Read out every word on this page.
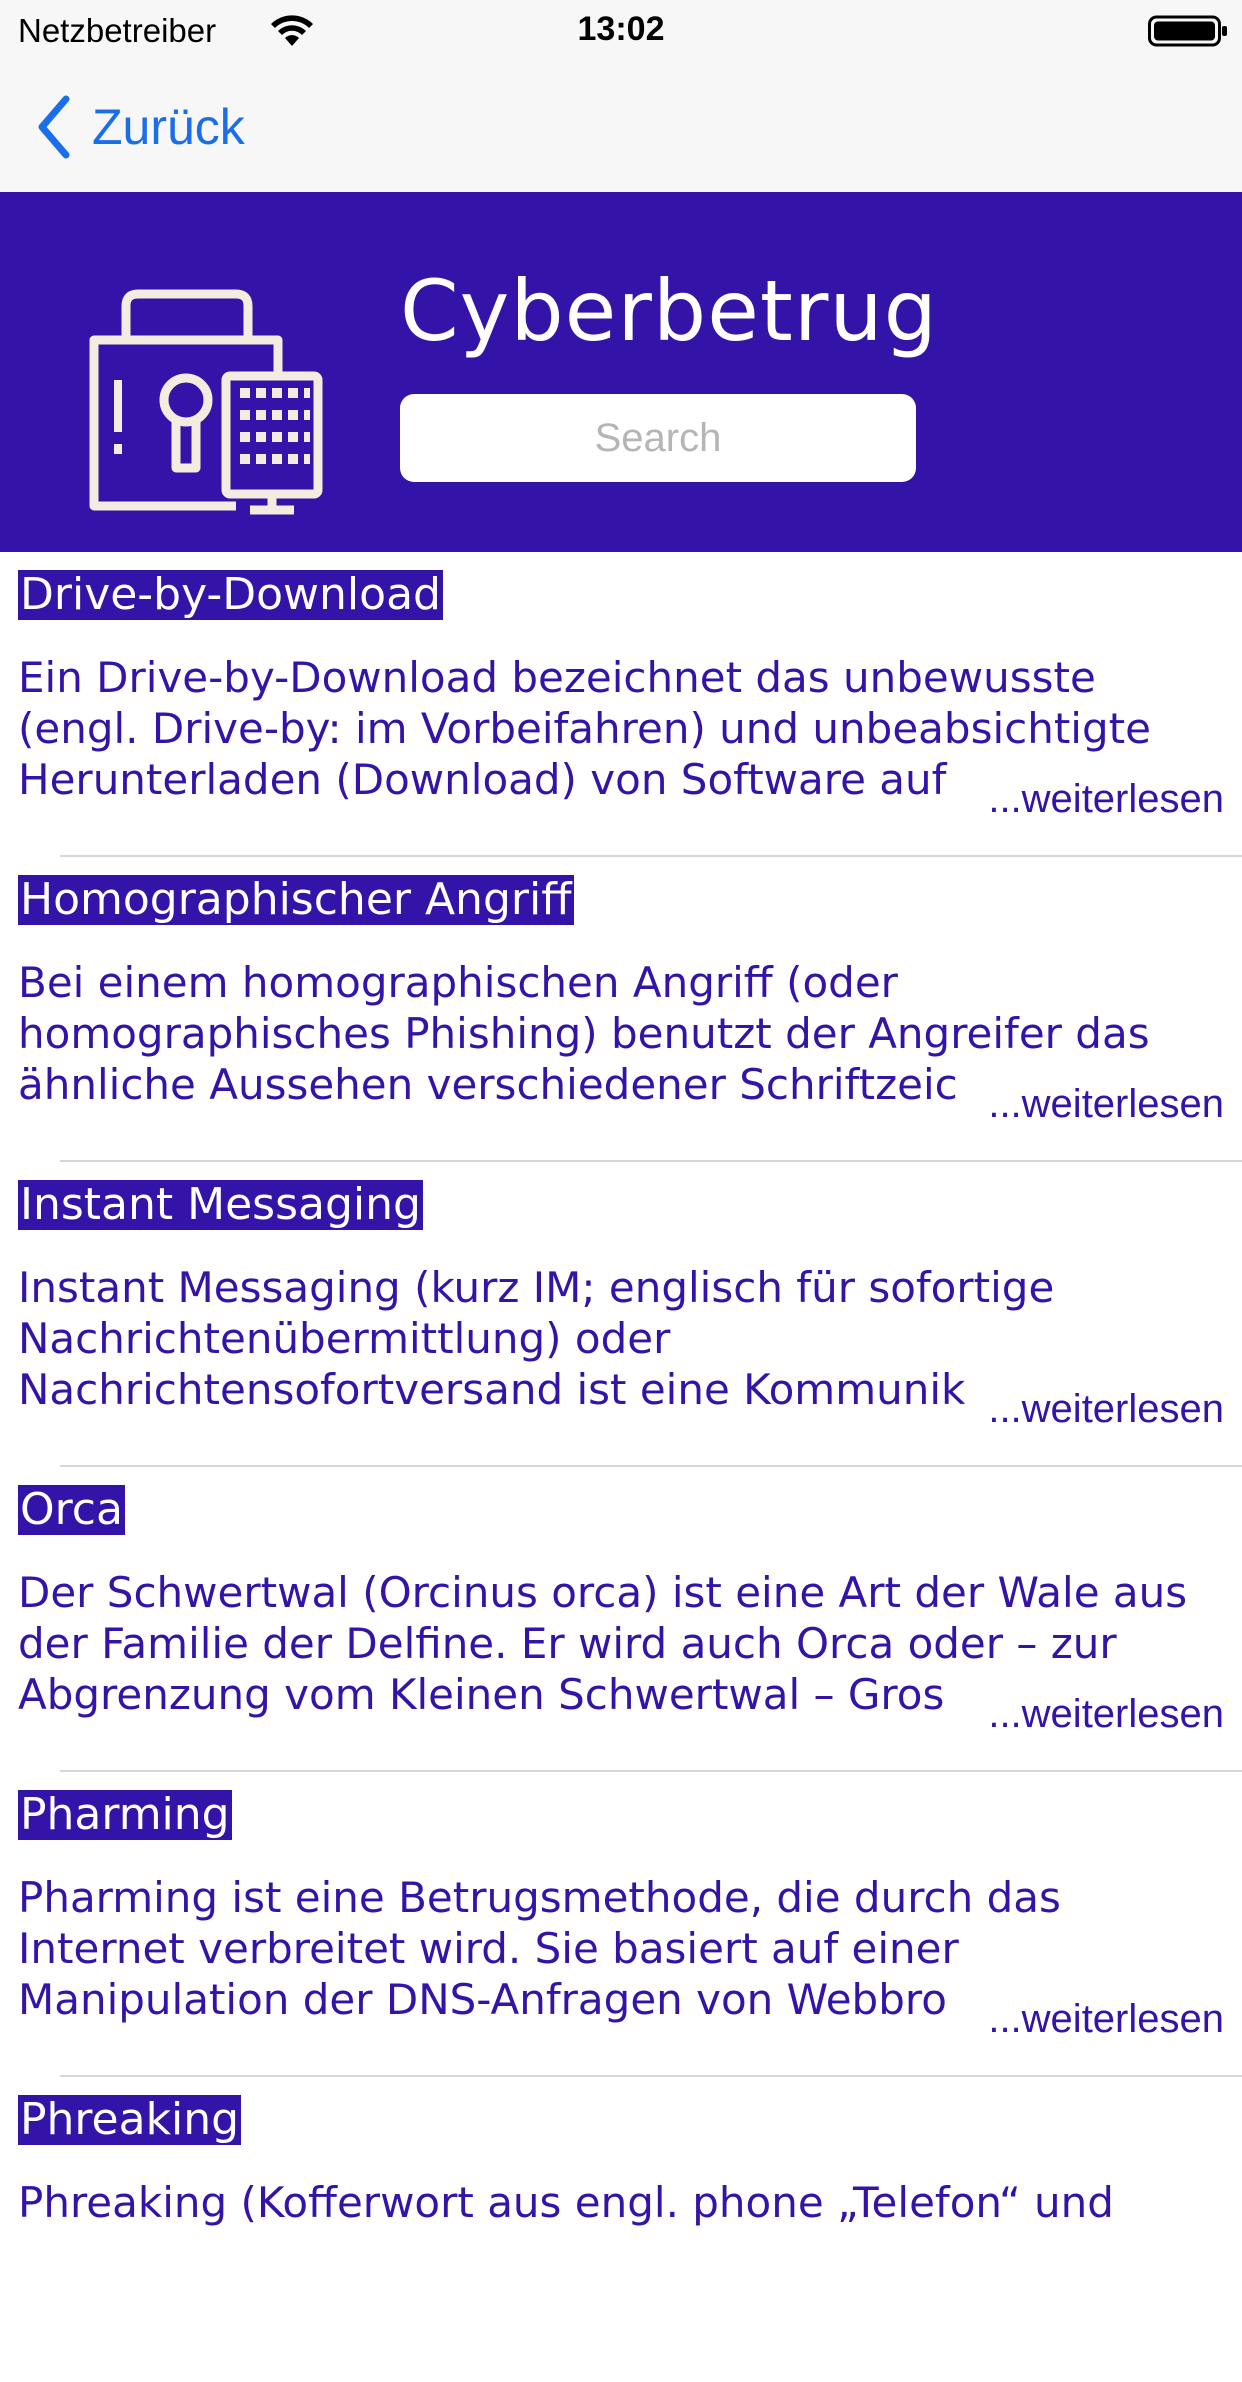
Netzbetreiber	13:02
Zurück
Cyberbetrug
Search
Drive-by-Download
Ein Drive-by-Download bezeichnet das unbewusste (engl. Drive-by: im Vorbeifahren) und unbeabsichtigte Herunterladen (Download) von Software auf	...weiterlesen
Homographischer Angriff
Bei einem homographischen Angriff (oder homographisches Phishing) benutzt der Angreifer das ähnliche Aussehen verschiedener Schriftzeic ...weiterlesen
Instant Messaging
Instant Messaging (kurz IM; englisch für sofortige Nachrichtenübermittlung) oder Nachrichtensofortversand ist eine Kommunik ...weiterlesen
Orca
Der Schwertwal (Orcinus orca) ist eine Art der Wale aus der Familie der Delfine. Er wird auch Orca oder – zur Abgrenzung vom Kleinen Schwertwal – Gros	...weiterlesen
Pharming
Pharming ist eine Betrugsmethode, die durch das Internet verbreitet wird. Sie basiert auf einer Manipulation der DNS-Anfragen von Webbro	...weiterlesen
Phreaking
Phreaking (Kofferwort aus engl. phone „Telefon“ und
